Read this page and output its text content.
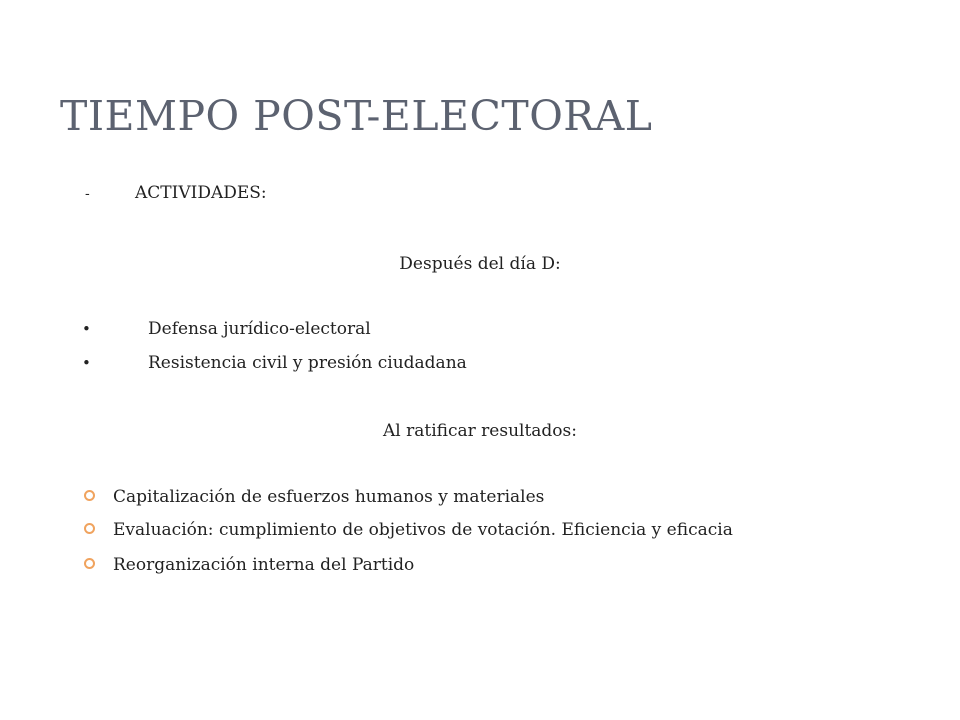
TIEMPO POST-ELECTORAL
-	ACTIVIDADES:
Después del día D:
•	Defensa jurídico-electoral
•	Resistencia civil y presión ciudadana
Al ratificar resultados:
Capitalización de esfuerzos humanos y materiales
Evaluación: cumplimiento de objetivos de votación. Eficiencia y eficacia
Reorganización interna del Partido
